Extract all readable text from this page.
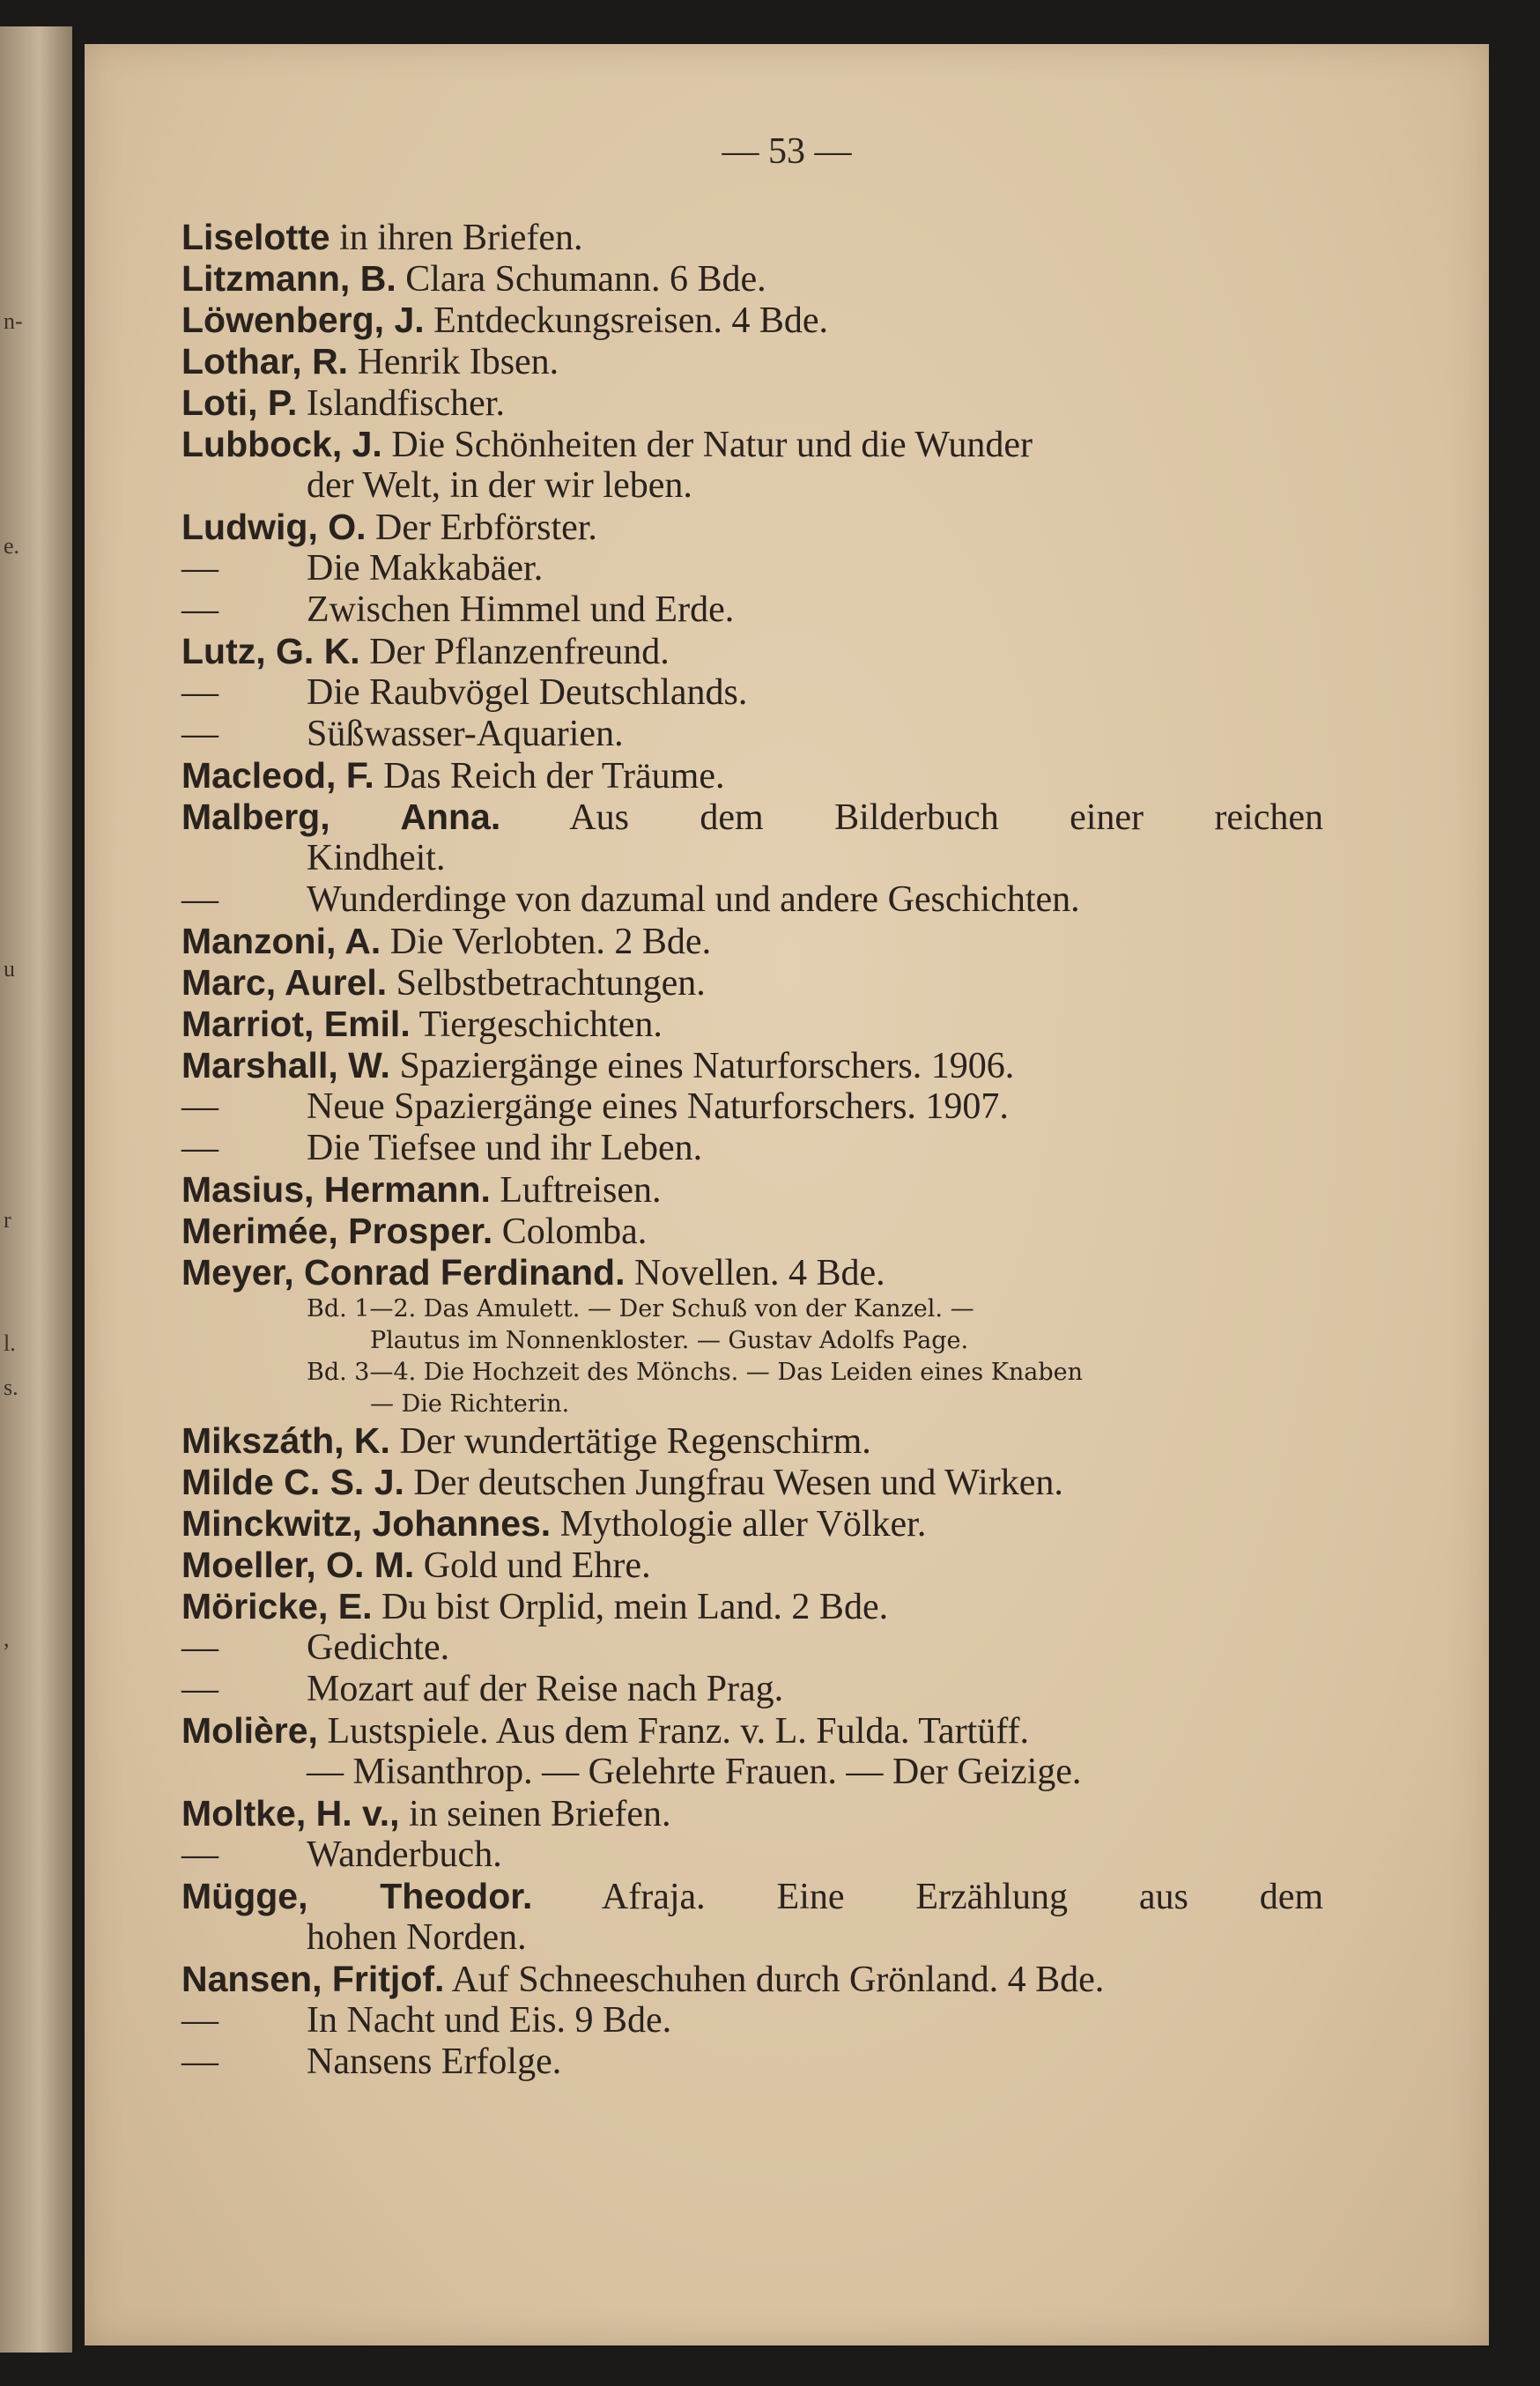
n-
e.
u
r
l.
s.
,
— 53 —
Liselotte in ihren Briefen.
Litzmann, B. Clara Schumann. 6 Bde.
Löwenberg, J. Entdeckungsreisen. 4 Bde.
Lothar, R. Henrik Ibsen.
Loti, P. Islandfischer.
Lubbock, J. Die Schönheiten der Natur und die Wunder
der Welt, in der wir leben.
Ludwig, O. Der Erbförster.
— Die Makkabäer.
— Zwischen Himmel und Erde.
Lutz, G. K. Der Pflanzenfreund.
— Die Raubvögel Deutschlands.
— Süßwasser-Aquarien.
Macleod, F. Das Reich der Träume.
Malberg, Anna. Aus dem Bilderbuch einer reichen
Kindheit.
— Wunderdinge von dazumal und andere Geschichten.
Manzoni, A. Die Verlobten. 2 Bde.
Marc, Aurel. Selbstbetrachtungen.
Marriot, Emil. Tiergeschichten.
Marshall, W. Spaziergänge eines Naturforschers. 1906.
— Neue Spaziergänge eines Naturforschers. 1907.
— Die Tiefsee und ihr Leben.
Masius, Hermann. Luftreisen.
Merimée, Prosper. Colomba.
Meyer, Conrad Ferdinand. Novellen. 4 Bde.
Bd. 1—2. Das Amulett. — Der Schuß von der Kanzel. —
Plautus im Nonnenkloster. — Gustav Adolfs Page.
Bd. 3—4. Die Hochzeit des Mönchs. — Das Leiden eines Knaben
— Die Richterin.
Mikszáth, K. Der wundertätige Regenschirm.
Milde C. S. J. Der deutschen Jungfrau Wesen und Wirken.
Minckwitz, Johannes. Mythologie aller Völker.
Moeller, O. M. Gold und Ehre.
Möricke, E. Du bist Orplid, mein Land. 2 Bde.
— Gedichte.
— Mozart auf der Reise nach Prag.
Molière, Lustspiele. Aus dem Franz. v. L. Fulda. Tartüff.
— Misanthrop. — Gelehrte Frauen. — Der Geizige.
Moltke, H. v., in seinen Briefen.
— Wanderbuch.
Mügge, Theodor. Afraja. Eine Erzählung aus dem
hohen Norden.
Nansen, Fritjof. Auf Schneeschuhen durch Grönland. 4 Bde.
— In Nacht und Eis. 9 Bde.
— Nansens Erfolge.
